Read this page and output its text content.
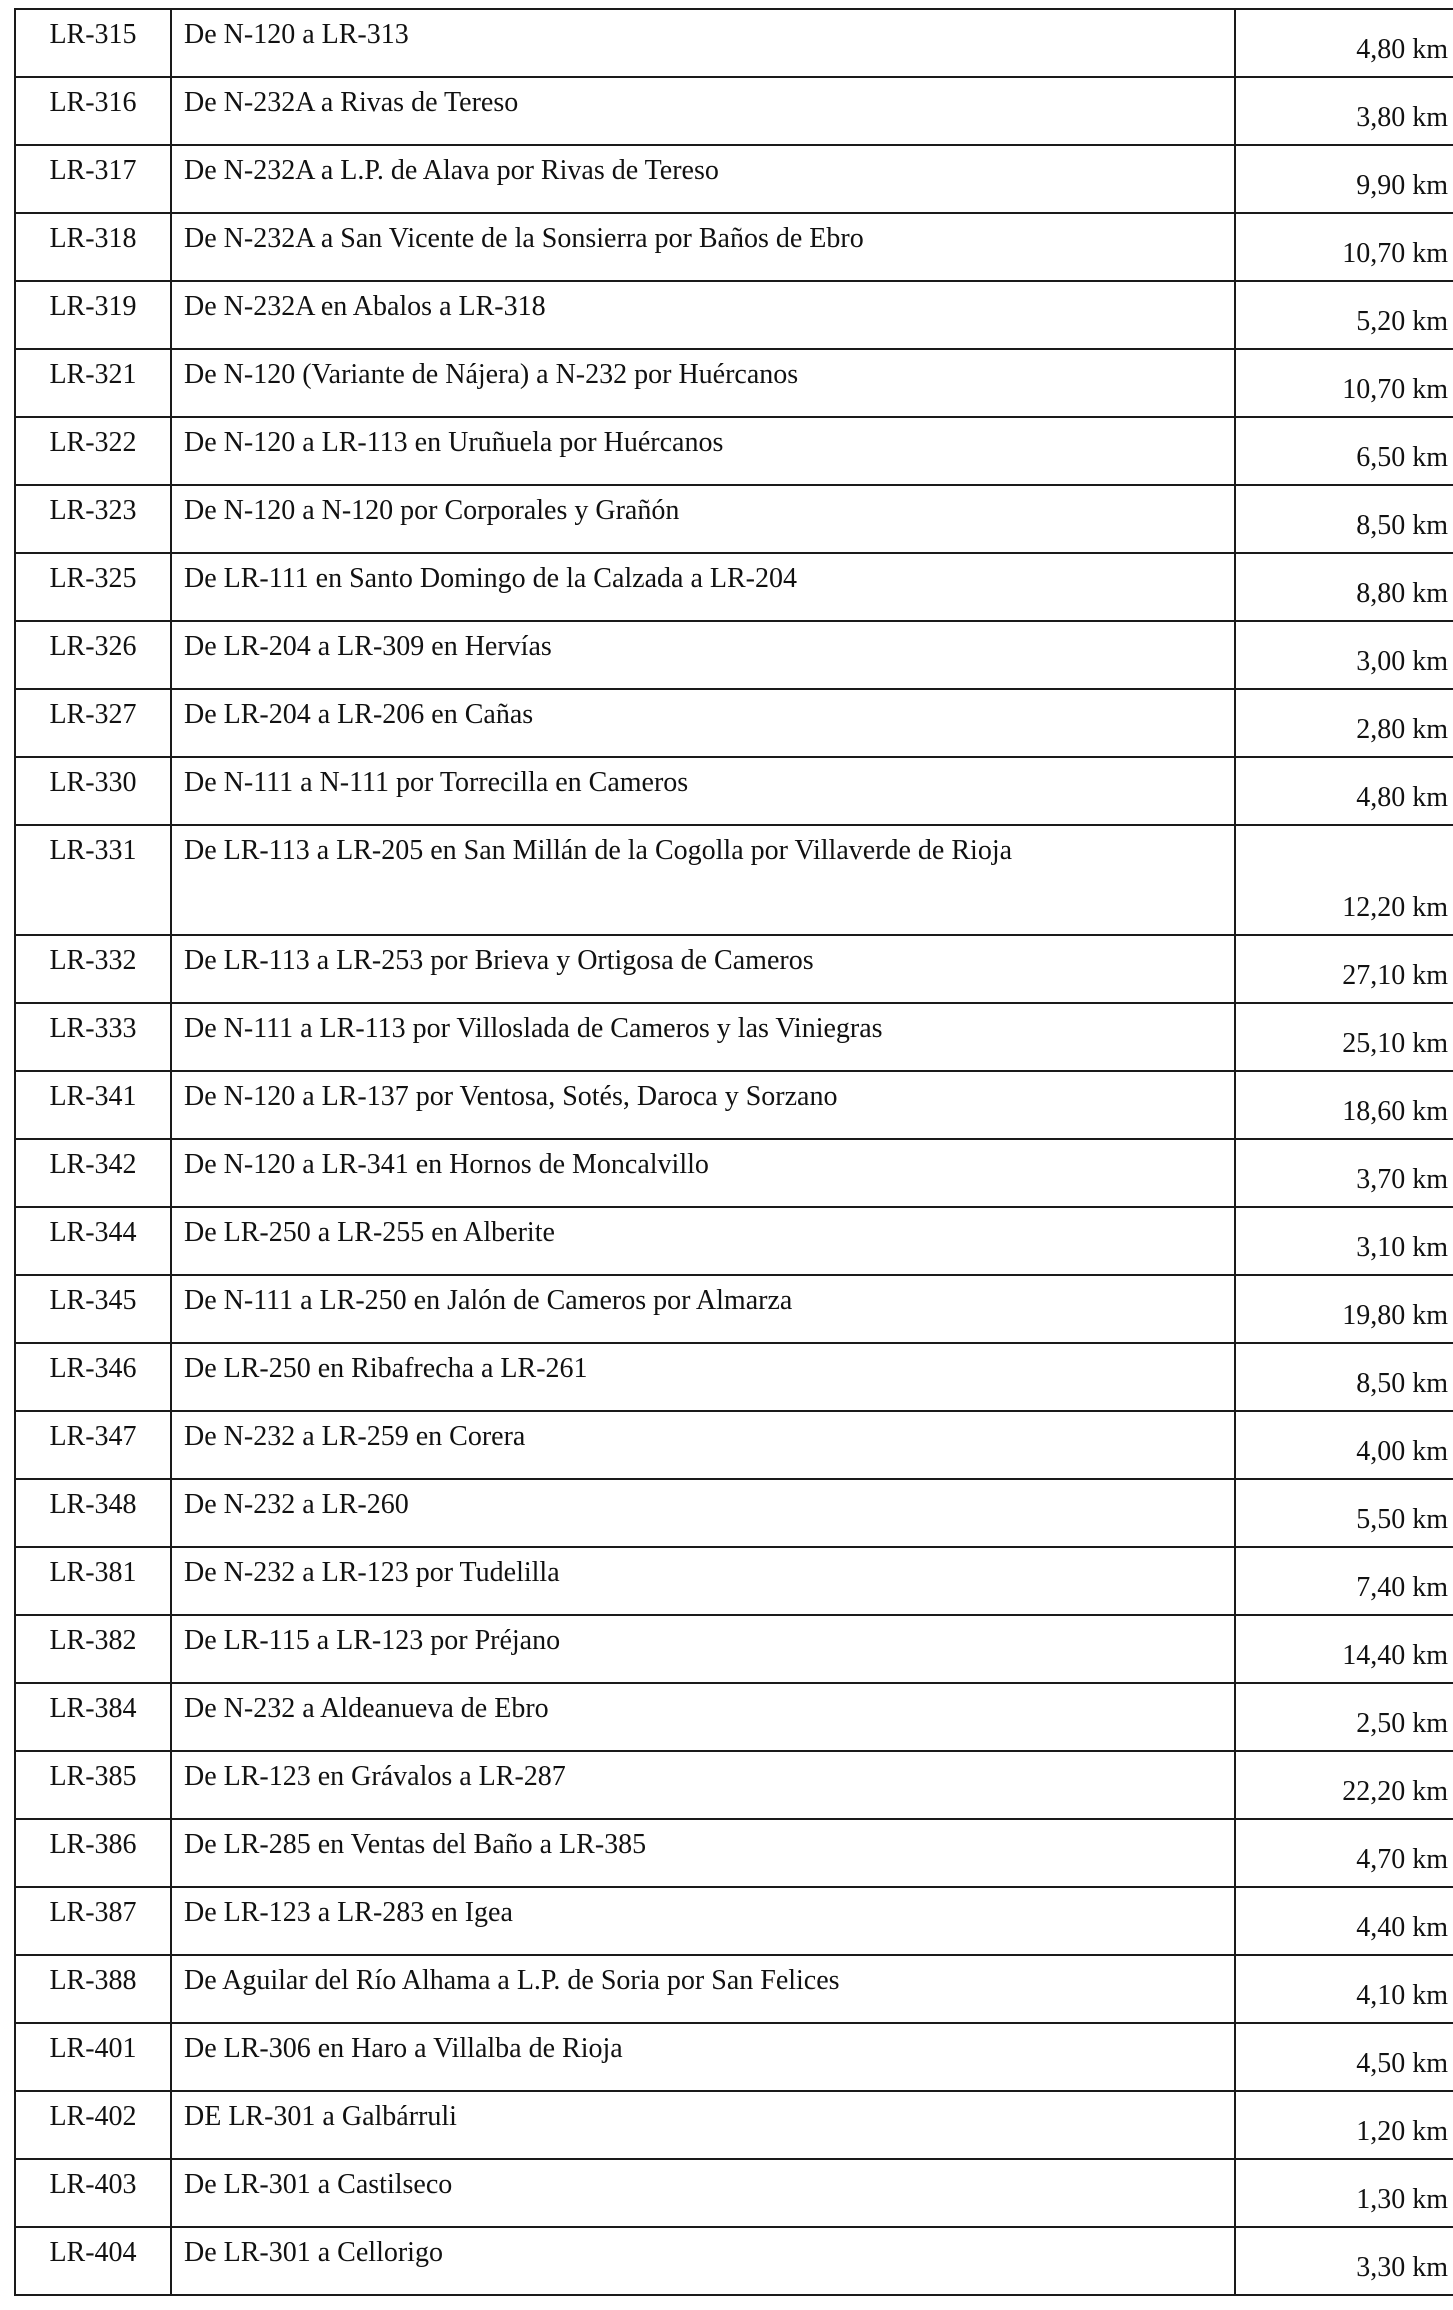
LR-315	De N-120 a LR-313	4,80 km
LR-316	De N-232A a Rivas de Tereso	3,80 km
LR-317	De N-232A a L.P. de Alava por Rivas de Tereso	9,90 km
LR-318	De N-232A a San Vicente de la Sonsierra por Baños de Ebro	10,70 km
LR-319	De N-232A en Abalos a LR-318	5,20 km
LR-321	De N-120 (Variante de Nájera) a N-232 por Huércanos	10,70 km
LR-322	De N-120 a LR-113 en Uruñuela por Huércanos	6,50 km
LR-323	De N-120 a N-120 por Corporales y Grañón	8,50 km
LR-325	De LR-111 en Santo Domingo de la Calzada a LR-204	8,80 km
LR-326	De LR-204 a LR-309 en Hervías	3,00 km
LR-327	De LR-204 a LR-206 en Cañas	2,80 km
LR-330	De N-111 a N-111 por Torrecilla en Cameros	4,80 km
LR-331	De LR-113 a LR-205 en San Millán de la Cogolla por Villaverde de Rioja	12,20 km
LR-332	De LR-113 a LR-253 por Brieva y Ortigosa de Cameros	27,10 km
LR-333	De N-111 a LR-113 por Villoslada de Cameros y las Viniegras	25,10 km
LR-341	De N-120 a LR-137 por Ventosa, Sotés, Daroca y Sorzano	18,60 km
LR-342	De N-120 a LR-341 en Hornos de Moncalvillo	3,70 km
LR-344	De LR-250 a LR-255 en Alberite	3,10 km
LR-345	De N-111 a LR-250 en Jalón de Cameros por Almarza	19,80 km
LR-346	De LR-250 en Ribafrecha a LR-261	8,50 km
LR-347	De N-232 a LR-259 en Corera	4,00 km
LR-348	De N-232 a LR-260	5,50 km
LR-381	De N-232 a LR-123 por Tudelilla	7,40 km
LR-382	De LR-115 a LR-123 por Préjano	14,40 km
LR-384	De N-232 a Aldeanueva de Ebro	2,50 km
LR-385	De LR-123 en Grávalos a LR-287	22,20 km
LR-386	De LR-285 en Ventas del Baño a LR-385	4,70 km
LR-387	De LR-123 a LR-283 en Igea	4,40 km
LR-388	De Aguilar del Río Alhama a L.P. de Soria por San Felices	4,10 km
LR-401	De LR-306 en Haro a Villalba de Rioja	4,50 km
LR-402	DE LR-301 a Galbárruli	1,20 km
LR-403	De LR-301 a Castilseco	1,30 km
LR-404	De LR-301 a Cellorigo	3,30 km
